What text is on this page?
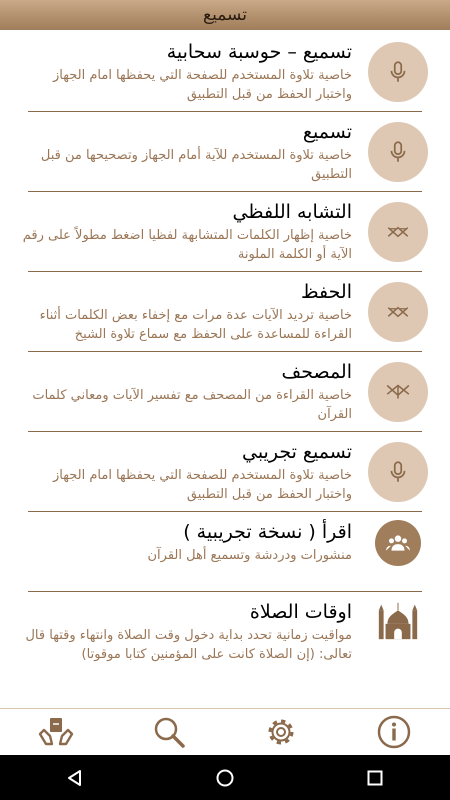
تسميع
تسميع – حوسبة سحابية
خاصية تلاوة المستخدم للصفحة التي يحفظها امام الجهاز واختبار الحفظ من قبل التطبيق
تسميع
خاصية تلاوة المستخدم للآية أمام الجهاز وتصحيحها من قبل التطبيق
التشابه اللفظي
خاصية إظهار الكلمات المتشابهة لفظيا اضغط مطولاً على رقم الآية أو الكلمة الملونة
الحفظ
خاصية ترديد الآيات عدة مرات مع إخفاء بعض الكلمات أثناء القراءة للمساعدة على الحفظ مع سماع تلاوة الشيخ
المصحف
خاصية القراءة من المصحف مع تفسير الآيات ومعاني كلمات القرآن
تسميع تجريبي
خاصية تلاوة المستخدم للصفحة التي يحفظها امام الجهاز واختبار الحفظ من قبل التطبيق
اقرأ ( نسخة تجريبية )
منشورات ودردشة وتسميع أهل القرآن
اوقات الصلاة
مواقيت زمانية تحدد بداية دخول وقت الصلاة وانتهاء وقتها قال تعالى: (إن الصلاة كانت على المؤمنين كتابا موقوتا)
